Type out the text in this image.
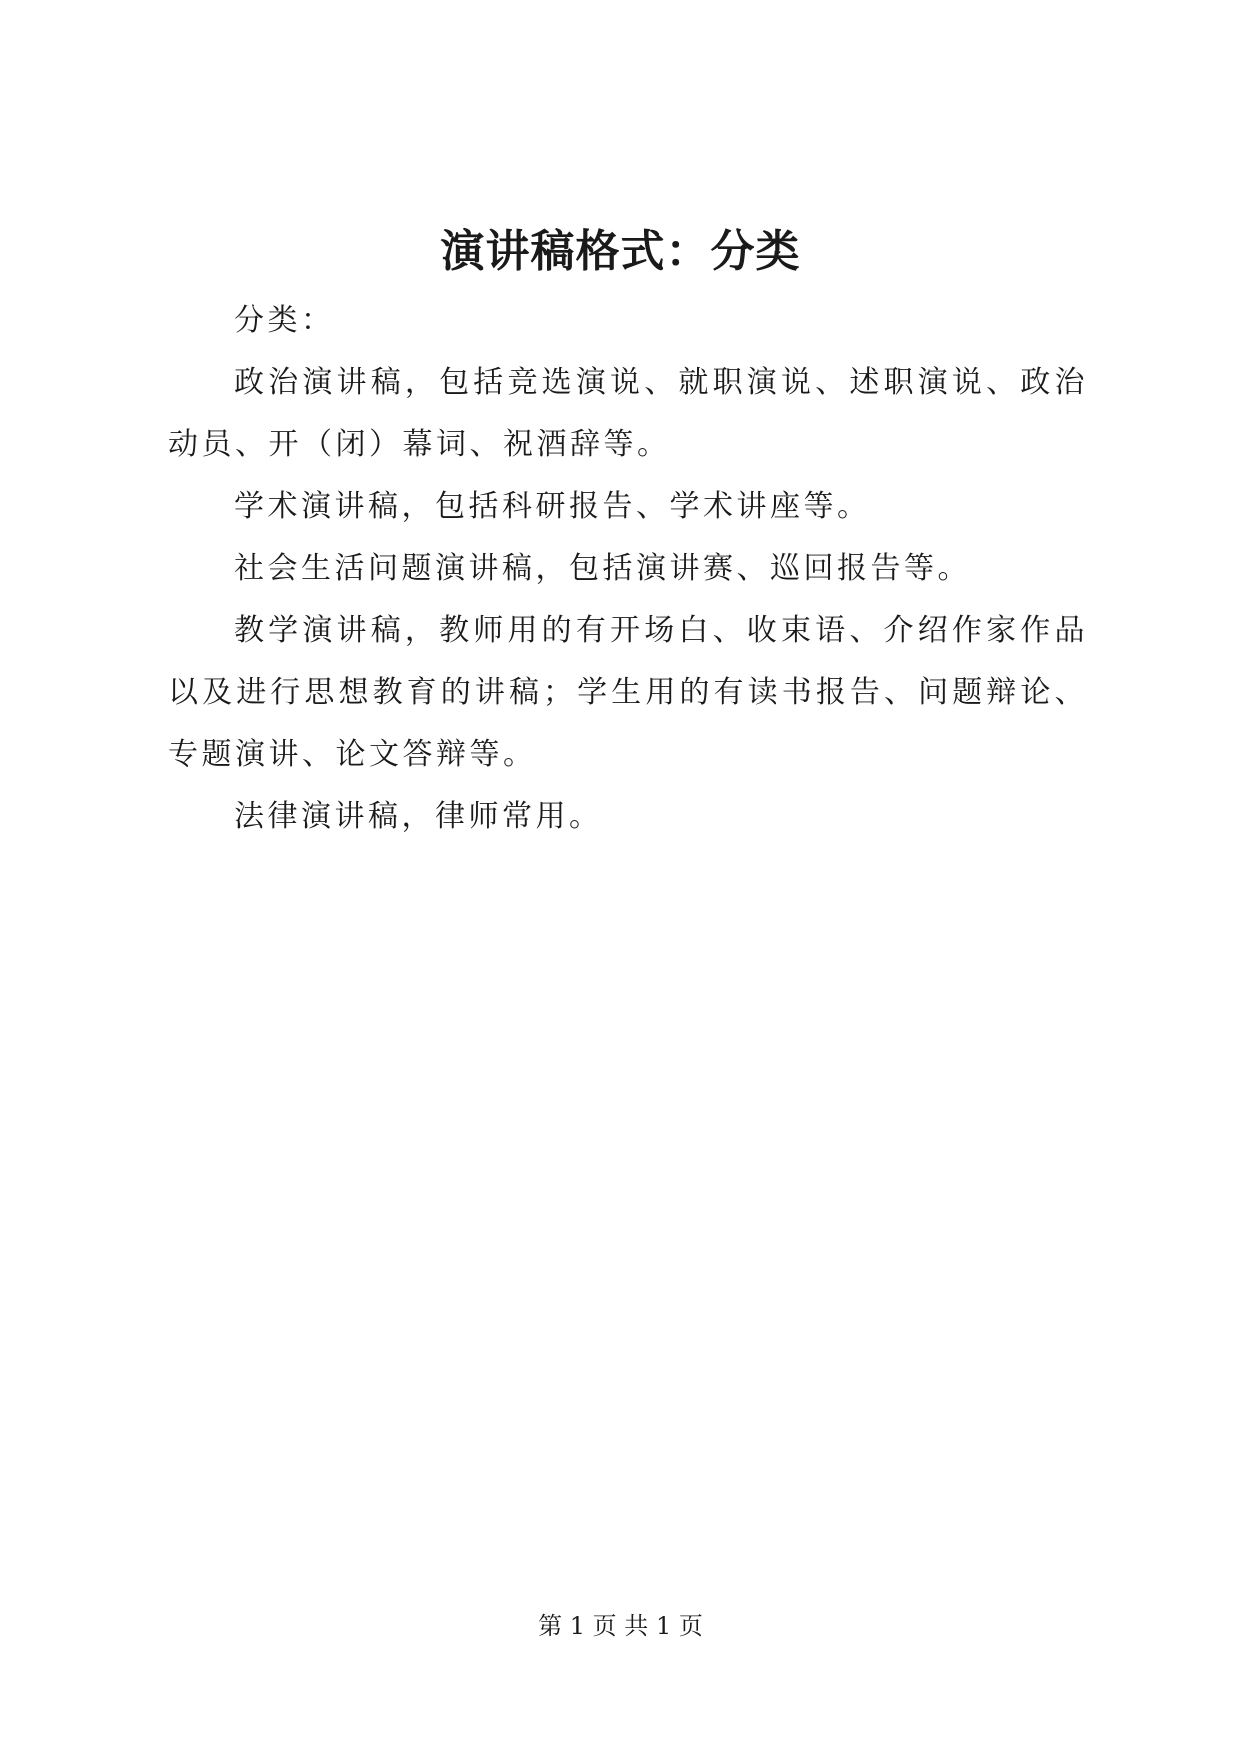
演讲稿格式：分类

分类：

政治演讲稿，包括竞选演说、就职演说、述职演说、政治动员、开（闭）幕词、祝酒辞等。

学术演讲稿，包括科研报告、学术讲座等。

社会生活问题演讲稿，包括演讲赛、巡回报告等。

教学演讲稿，教师用的有开场白、收束语、介绍作家作品以及进行思想教育的讲稿；学生用的有读书报告、问题辩论、专题演讲、论文答辩等。

法律演讲稿，律师常用。

第 1 页 共 1 页
